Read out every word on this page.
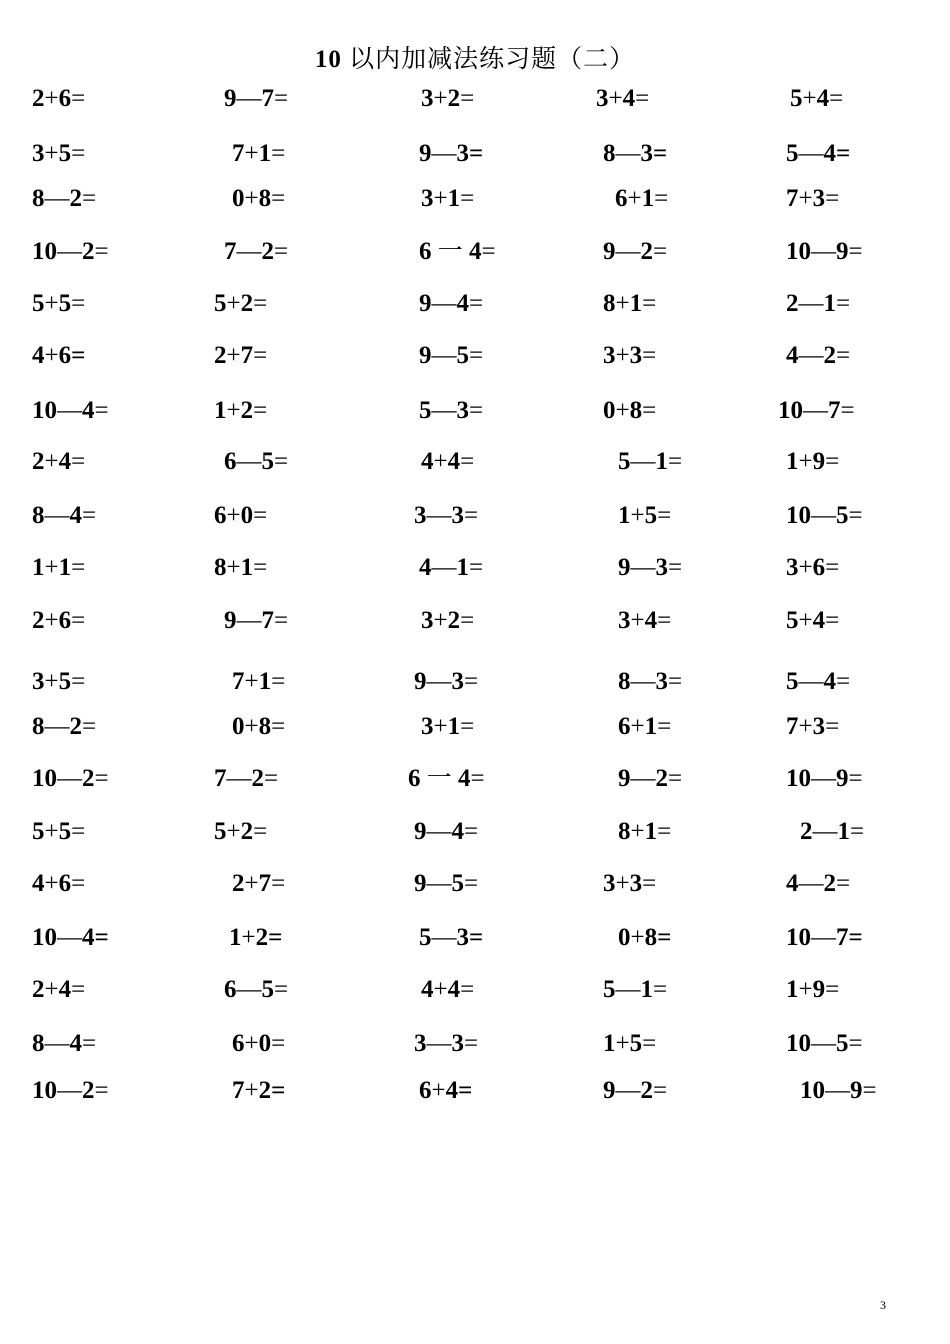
10 以内加减法练习题（二）
2+6=	9—7=	3+2=	3+4=	5+4=
3+5=	7+1=	9—3=	8—3=	5—4=
8—2=	0+8=	3+1=	6+1=	7+3=
10—2=	7—2=	6 一 4=	9—2=	10—9=
5+5=	5+2=	9—4=	8+1=	2—1=
4+6=	2+7=	9—5=	3+3=	4—2=
10—4=	1+2=	5—3=	0+8=	10—7=
2+4=	6—5=	4+4=	5—1=	1+9=
8—4=	6+0=	3—3=	1+5=	10—5=
1+1=	8+1=	4—1=	9—3=	3+6=
2+6=	9—7=	3+2=	3+4=	5+4=
3+5=	7+1=	9—3=	8—3=	5—4=
8—2=	0+8=	3+1=	6+1=	7+3=
10—2=	7—2=	6 一 4=	9—2=	10—9=
5+5=	5+2=	9—4=	8+1=	2—1=
4+6=	2+7=	9—5=	3+3=	4—2=
10—4=	1+2=	5—3=	0+8=	10—7=
2+4=	6—5=	4+4=	5—1=	1+9=
8—4=	6+0=	3—3=	1+5=	10—5=
10—2=	7+2=	6+4=	9—2=	10—9=
3
